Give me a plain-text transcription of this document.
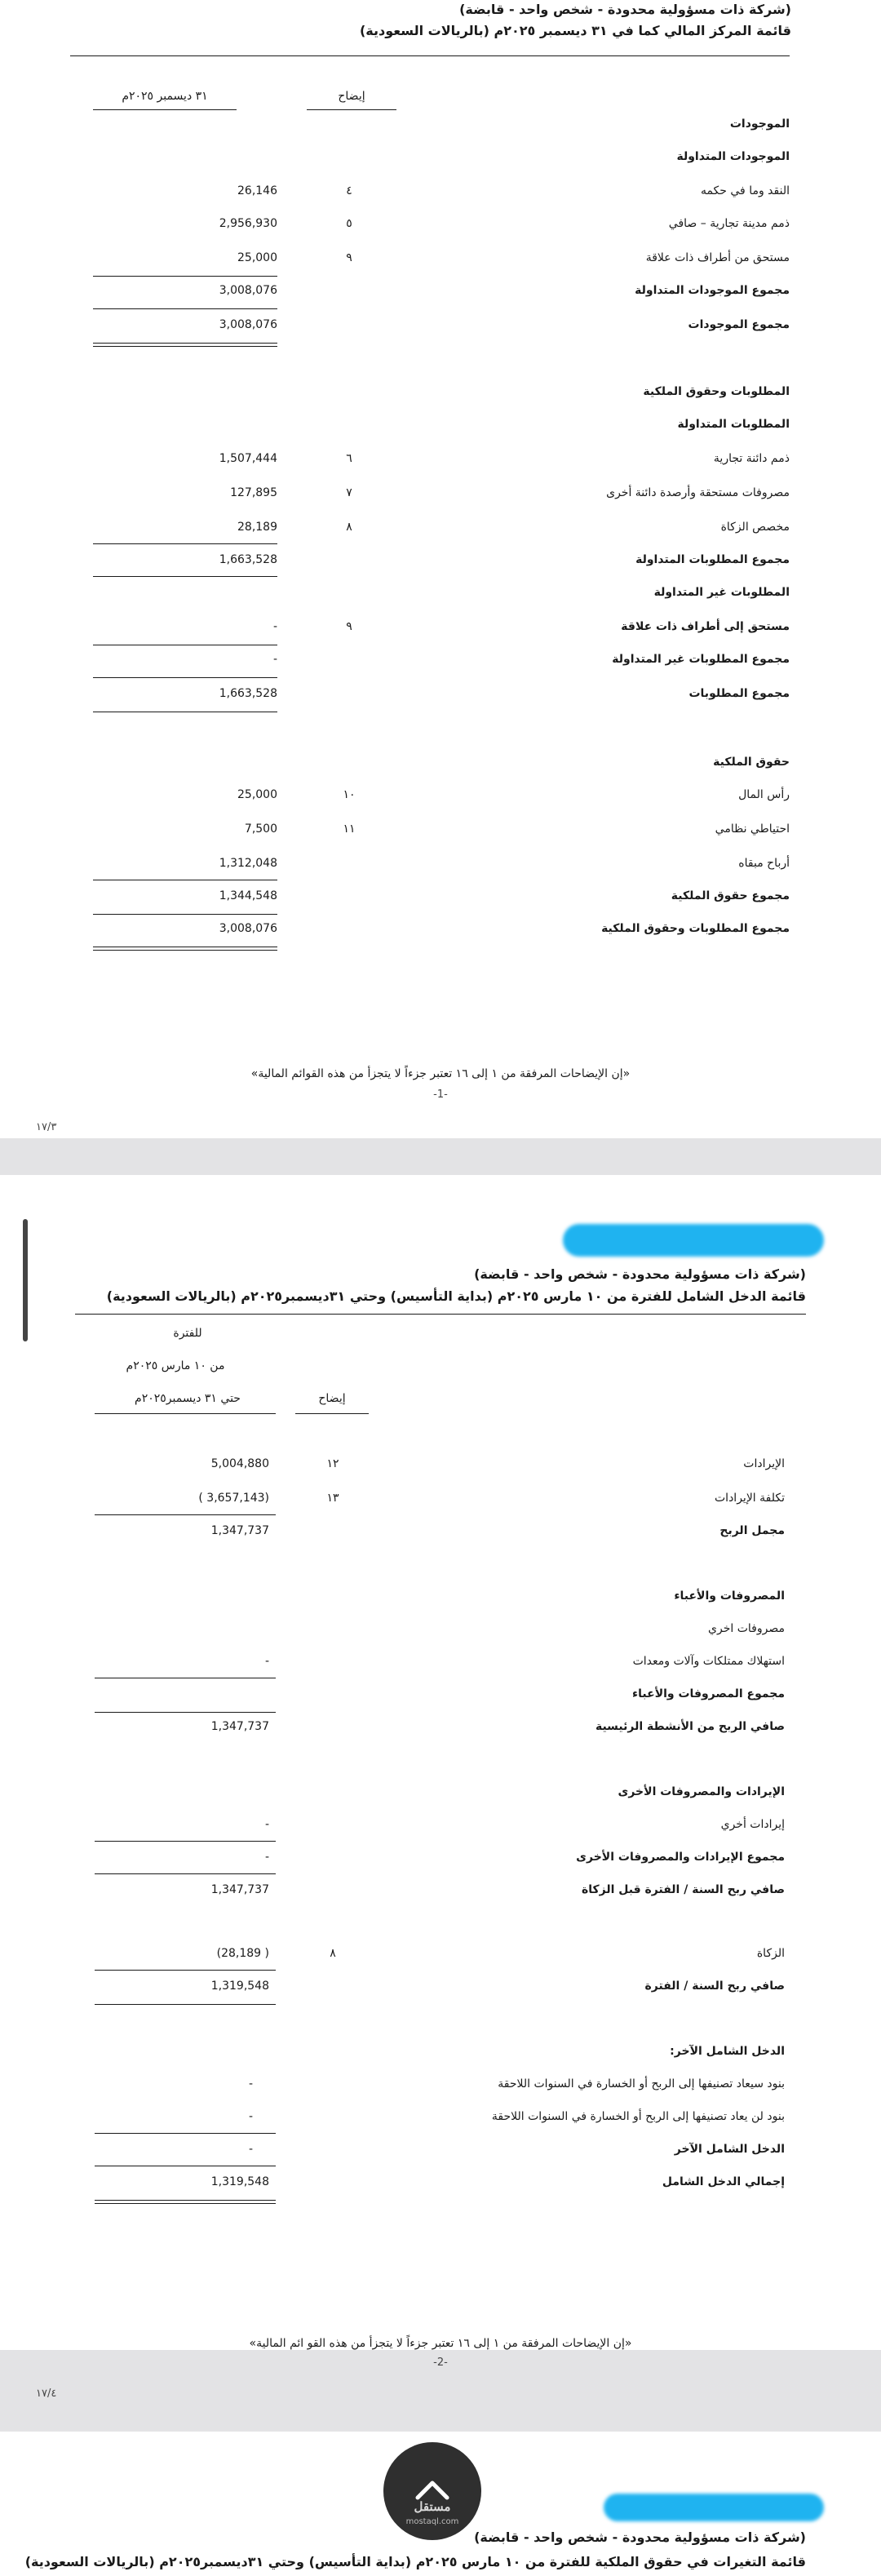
(شركة ذات مسؤولية محدودة - شخص واحد - قابضة)
قائمة المركز المالي كما في ٣١ ديسمبر ٢٠٢٥م (بالريالات السعودية)
٣١ ديسمبر ٢٠٢٥م	إيضاح
الموجودات
الموجودات المتداولة
النقد وما في حكمه
٤
26,146
ذمم مدينة تجارية – صافي
٥
2,956,930
مستحق من أطراف ذات علاقة
٩
25,000
مجموع الموجودات المتداولة
3,008,076
مجموع الموجودات
3,008,076
المطلوبات وحقوق الملكية
المطلوبات المتداولة
ذمم دائنة تجارية
٦
1,507,444
مصروفات مستحقة وأرصدة دائنة أخرى
٧
127,895
مخصص الزكاة
٨
28,189
مجموع المطلوبات المتداولة
1,663,528
المطلوبات غير المتداولة
مستحق إلى أطراف ذات علاقة
٩
-
مجموع المطلوبات غير المتداولة
-
مجموع المطلوبات
1,663,528
حقوق الملكية
رأس المال
١٠
25,000
احتياطي نظامي
١١
7,500
أرباح مبقاه
1,312,048
مجموع حقوق الملكية
1,344,548
مجموع المطلوبات وحقوق الملكية
3,008,076
«إن الإيضاحات المرفقة من ١ إلى ١٦ تعتبر جزءاً لا يتجزأ من هذه القوائم المالية»
-1-
١٧/٣
(شركة ذات مسؤولية محدودة - شخص واحد - قابضة)
قائمة الدخل الشامل للفترة من ١٠ مارس ٢٠٢٥م (بداية التأسيس) وحتي ٣١ديسمبر٢٠٢٥م (بالريالات السعودية)
للفترة
من ١٠ مارس ٢٠٢٥م
حتي ٣١ ديسمبر٢٠٢٥م	إيضاح
الإيرادات
١٢
5,004,880
تكلفة الإيرادات
١٣
( 3,657,143)
مجمل الربح
1,347,737
المصروفات والأعباء
مصروفات اخري
استهلاك ممتلكات وآلات ومعدات
-
مجموع المصروفات والأعباء
صافي الربح من الأنشطة الرئيسية
1,347,737
الإيرادات والمصروفات الأخرى
إيرادات أخري
-
مجموع الإيرادات والمصروفات الأخرى
-
صافي ربح السنة / الفترة قبل الزكاة
1,347,737
الزكاة
٨
(28,189 )
صافي ربح السنة / الفترة
1,319,548
الدخل الشامل الآخر:
بنود سيعاد تصنيفها إلى الربح أو الخسارة في السنوات اللاحقة
-
بنود لن يعاد تصنيفها إلى الربح أو الخسارة في السنوات اللاحقة
-
الدخل الشامل الآخر
-
إجمالي الدخل الشامل
1,319,548
«إن الإيضاحات المرفقة من ١ إلى ١٦ تعتبر جزءاً لا يتجزأ من هذه القو ائم المالية»
-2-
١٧/٤
(شركة ذات مسؤولية محدودة - شخص واحد - قابضة)
قائمة التغيرات في حقوق الملكية للفترة من ١٠ مارس ٢٠٢٥م (بداية التأسيس) وحتي ٣١ديسمبر٢٠٢٥م (بالريالات السعودية)
مستقل
mostaql.com
